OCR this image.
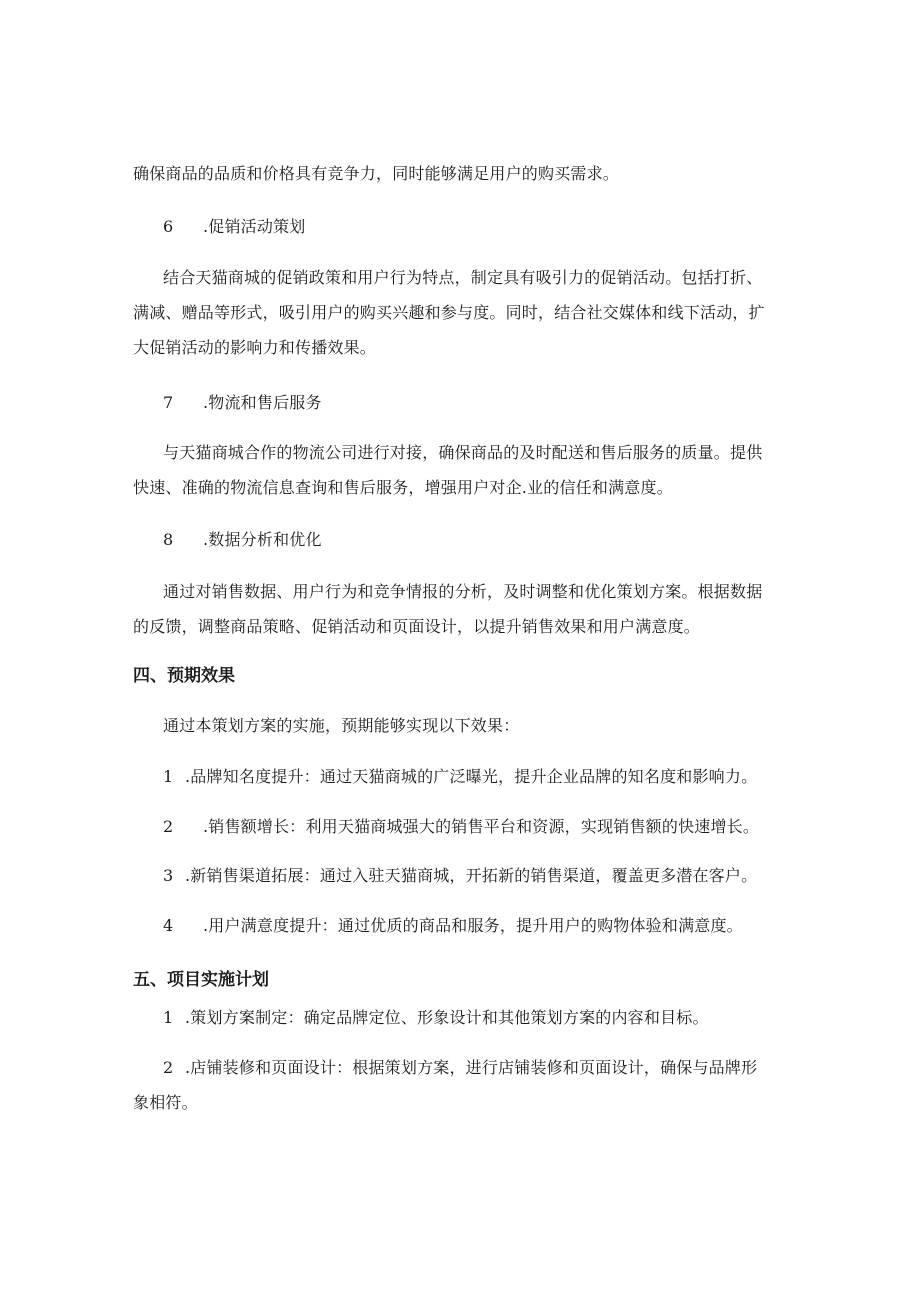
确保商品的品质和价格具有竞争力，同时能够满足用户的购买需求。
6 .促销活动策划
结合天猫商城的促销政策和用户行为特点，制定具有吸引力的促销活动。包括打折、
满减、赠品等形式，吸引用户的购买兴趣和参与度。同时，结合社交媒体和线下活动，扩
大促销活动的影响力和传播效果。
7 .物流和售后服务
与天猫商城合作的物流公司进行对接，确保商品的及时配送和售后服务的质量。提供
快速、准确的物流信息查询和售后服务，增强用户对企.业的信任和满意度。
8 .数据分析和优化
通过对销售数据、用户行为和竞争情报的分析，及时调整和优化策划方案。根据数据
的反馈，调整商品策略、促销活动和页面设计，以提升销售效果和用户满意度。
四、预期效果
通过本策划方案的实施，预期能够实现以下效果：
1 .品牌知名度提升：通过天猫商城的广泛曝光，提升企业品牌的知名度和影响力。
2 .销售额增长：利用天猫商城强大的销售平台和资源，实现销售额的快速增长。
3 .新销售渠道拓展：通过入驻天猫商城，开拓新的销售渠道，覆盖更多潜在客户。
4 .用户满意度提升：通过优质的商品和服务，提升用户的购物体验和满意度。
五、项目实施计划
1 .策划方案制定：确定品牌定位、形象设计和其他策划方案的内容和目标。
2 .店铺装修和页面设计：根据策划方案，进行店铺装修和页面设计，确保与品牌形
象相符。
